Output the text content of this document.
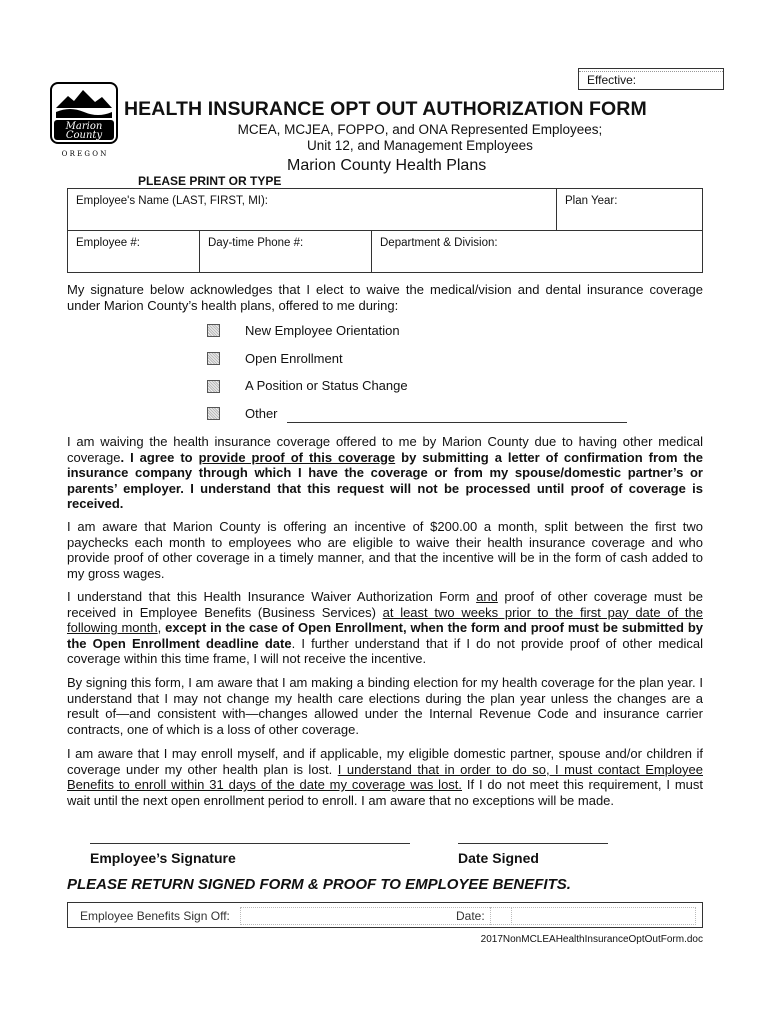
Effective:
Marion
County
O R E G O N
HEALTH INSURANCE OPT OUT AUTHORIZATION FORM
MCEA, MCJEA, FOPPO, and ONA Represented Employees;
Unit 12, and Management Employees
Marion County Health Plans
PLEASE PRINT OR TYPE
Employee's Name (LAST, FIRST, MI):	Plan Year:
Employee #:	Day-time Phone #:	Department & Division:
My signature below acknowledges that I elect to waive the medical/vision and dental insurance coverage under Marion County’s health plans, offered to me during:
New Employee Orientation
Open Enrollment
A Position or Status Change
Other
I am waiving the health insurance coverage offered to me by Marion County due to having other medical coverage. I agree to provide proof of this coverage by submitting a letter of confirmation from the insurance company through which I have the coverage or from my spouse/domestic partner’s or parents’ employer. I understand that this request will not be processed until proof of coverage is received.
I am aware that Marion County is offering an incentive of $200.00 a month, split between the first two paychecks each month to employees who are eligible to waive their health insurance coverage and who provide proof of other coverage in a timely manner, and that the incentive will be in the form of cash added to my gross wages.
I understand that this Health Insurance Waiver Authorization Form and proof of other coverage must be received in Employee Benefits (Business Services) at least two weeks prior to the first pay date of the following month, except in the case of Open Enrollment, when the form and proof must be submitted by the Open Enrollment deadline date. I further understand that if I do not provide proof of other medical coverage within this time frame, I will not receive the incentive.
By signing this form, I am aware that I am making a binding election for my health coverage for the plan year. I understand that I may not change my health care elections during the plan year unless the changes are a result of—and consistent with—changes allowed under the Internal Revenue Code and insurance carrier contracts, one of which is a loss of other coverage.
I am aware that I may enroll myself, and if applicable, my eligible domestic partner, spouse and/or children if coverage under my other health plan is lost. I understand that in order to do so, I must contact Employee Benefits to enroll within 31 days of the date my coverage was lost. If I do not meet this requirement, I must wait until the next open enrollment period to enroll. I am aware that no exceptions will be made.
Employee’s Signature	Date Signed
PLEASE RETURN SIGNED FORM & PROOF TO EMPLOYEE BENEFITS.
Employee Benefits Sign Off:	Date:
2017NonMCLEAHealthInsuranceOptOutForm.doc
